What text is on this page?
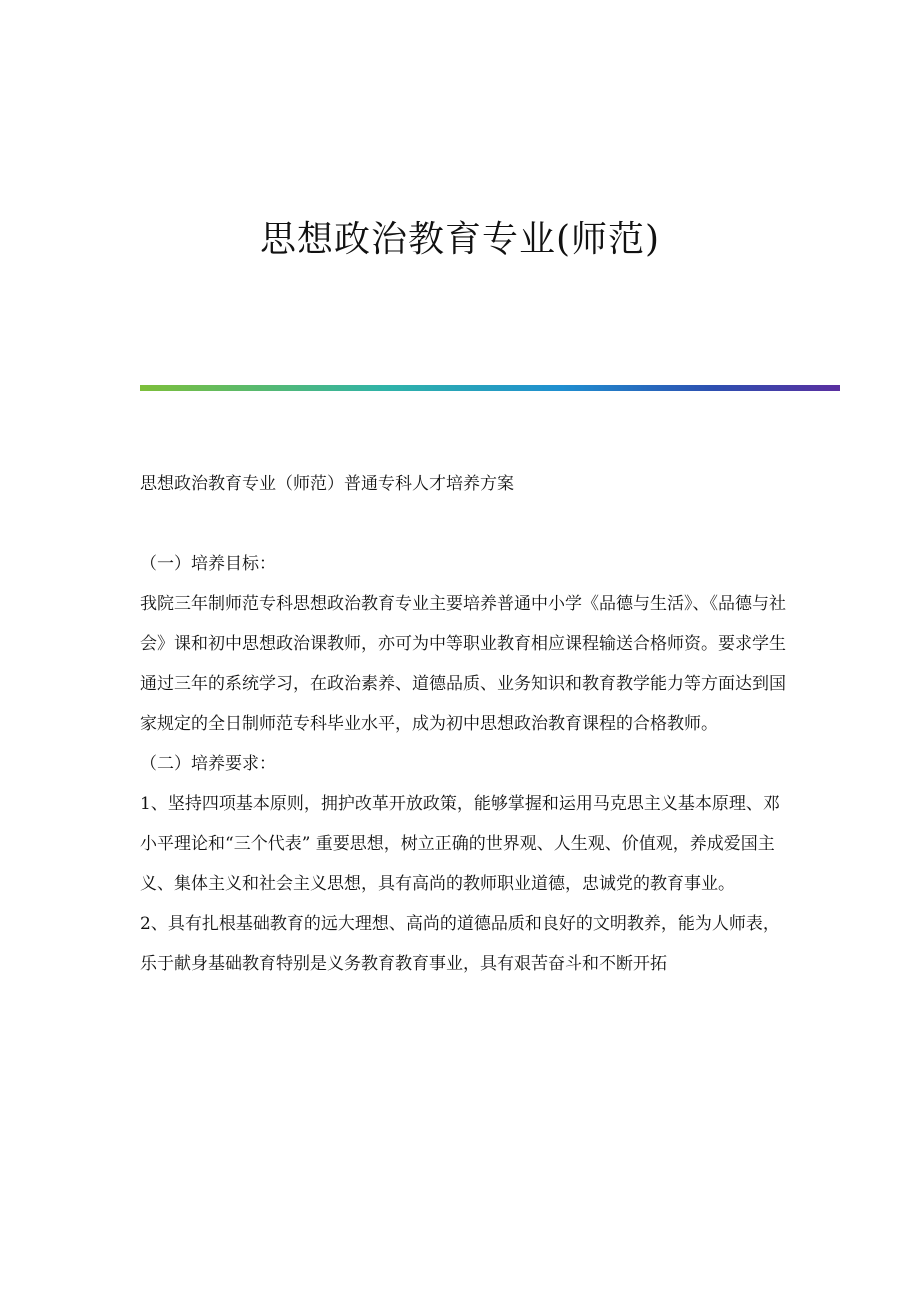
思想政治教育专业(师范)

思想政治教育专业（师范）普通专科人才培养方案

（一）培养目标：

我院三年制师范专科思想政治教育专业主要培养普通中小学《品德与生活》、《品德与社会》课和初中思想政治课教师，亦可为中等职业教育相应课程输送合格师资。要求学生通过三年的系统学习，在政治素养、道德品质、业务知识和教育教学能力等方面达到国家规定的全日制师范专科毕业水平，成为初中思想政治教育课程的合格教师。

（二）培养要求：

1、坚持四项基本原则，拥护改革开放政策，能够掌握和运用马克思主义基本原理、邓小平理论和“三个代表” 重要思想，树立正确的世界观、人生观、价值观，养成爱国主义、集体主义和社会主义思想，具有高尚的教师职业道德，忠诚党的教育事业。

2、具有扎根基础教育的远大理想、高尚的道德品质和良好的文明教养，能为人师表，乐于献身基础教育特别是义务教育教育事业，具有艰苦奋斗和不断开拓
